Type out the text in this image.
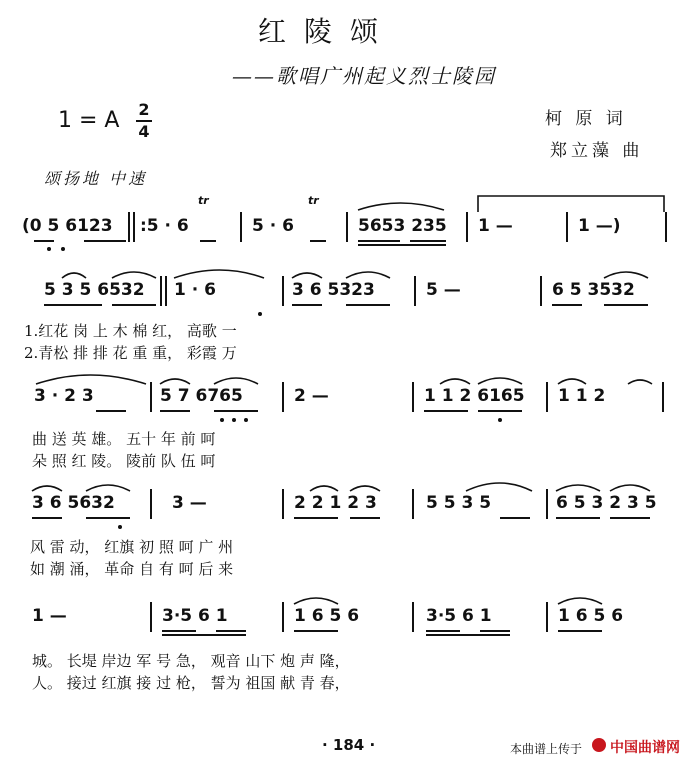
红陵颂
——歌唱广州起义烈士陵园
1 = A 2
4
柯 原 词
郑立藻 曲
颂扬地 中速
(0 5 6123 :5 · 6	5 · 6	5653 235 1 —	1 —)
tr	tr
5 3 5 6532 1 · 6	3 6 5323	5 —	6 5 3532
1.红花 岗 上 木 棉 红， 高歌 一
2.青松 排 排 花 重 重， 彩霞 万
3 · 2 3	5 7 6765	2 —	1 1 2 6165 1 1 2
曲 送 英 雄。 五十 年 前 呵
朵 照 红 陵。 陵前 队 伍 呵
3 6 5632	3 —	2 2 1 2 3	5 5 3 5	6 5 3 2 3 5
风 雷 动， 红旗 初 照 呵 广 州
如 潮 涌， 革命 自 有 呵 后 来
1 —	3·5 6 1	1 6 5 6	3·5 6 1	1 6 5 6
城。 长堤 岸边 军 号 急， 观音 山下 炮 声 隆，
人。 接过 红旗 接 过 枪， 誓为 祖国 献 青 春，
· 184 ·	本曲谱上传于 中国曲谱网
